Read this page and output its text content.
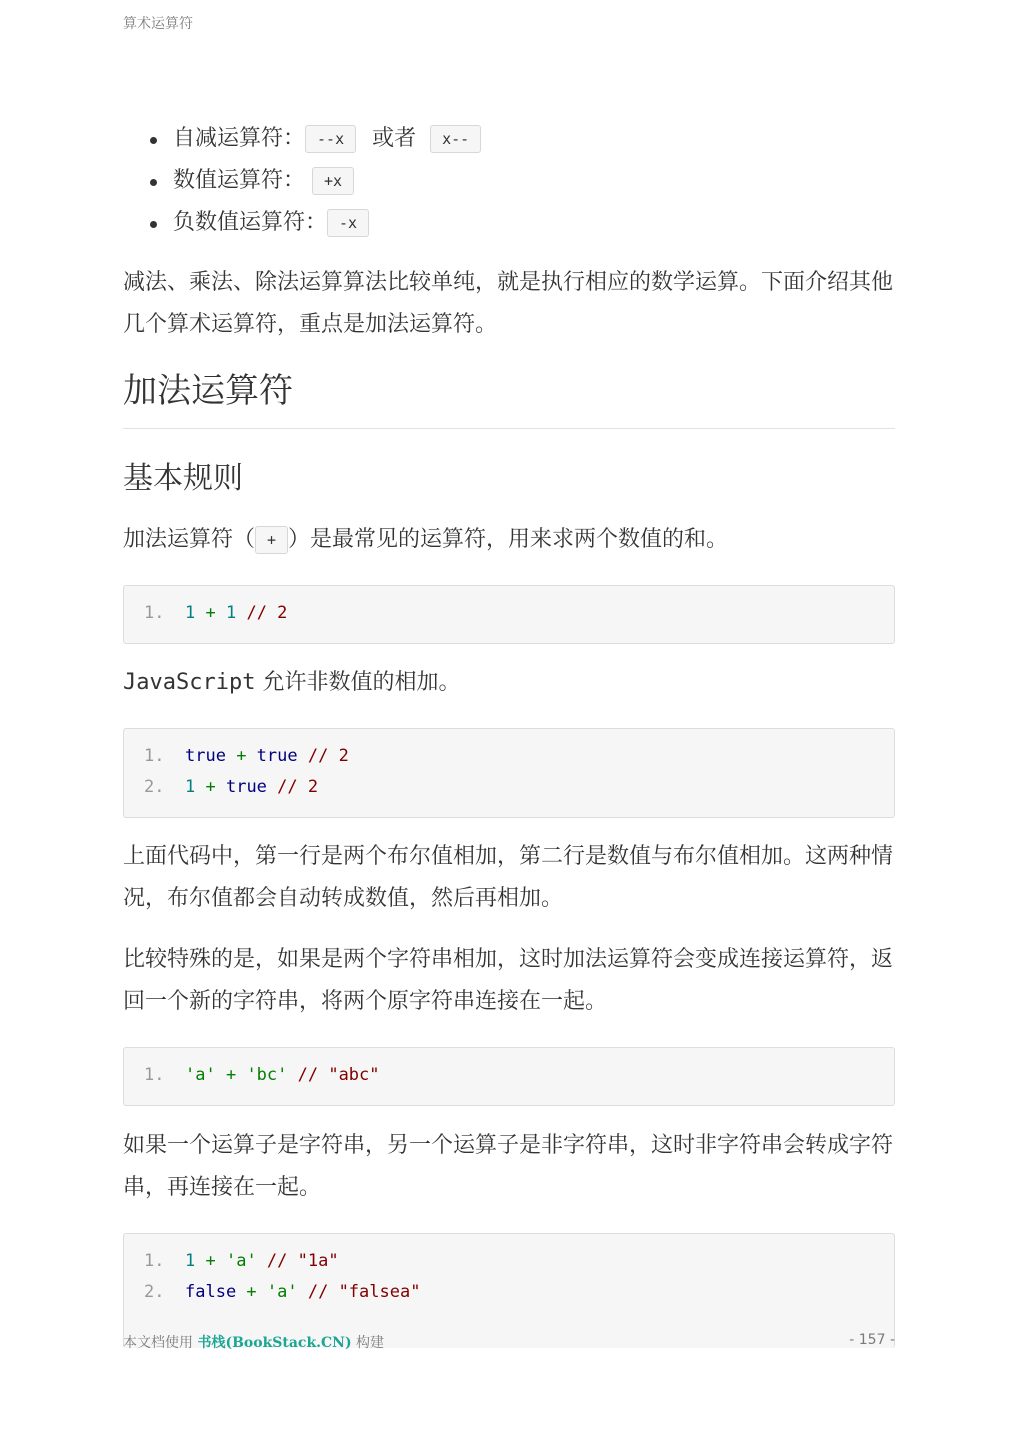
算术运算符
自减运算符： --x 或者 x--
数值运算符： +x
负数值运算符： -x

减法、乘法、除法运算算法比较单纯，就是执行相应的数学运算。下面介绍其他几个算术运算符，重点是加法运算符。

加法运算符
基本规则

加法运算符（ + ）是最常见的运算符，用来求两个数值的和。

1. 1 + 1 // 2

JavaScript 允许非数值的相加。

1. true + true // 2
2. 1 + true // 2

上面代码中，第一行是两个布尔值相加，第二行是数值与布尔值相加。这两种情况，布尔值都会自动转成数值，然后再相加。

比较特殊的是，如果是两个字符串相加，这时加法运算符会变成连接运算符，返回一个新的字符串，将两个原字符串连接在一起。

1. 'a' + 'bc' // "abc"

如果一个运算子是字符串，另一个运算子是非字符串，这时非字符串会转成字符串，再连接在一起。

1. 1 + 'a' // "1a"
2. false + 'a' // "falsea"
本文档使用 书栈(BookStack.CN) 构建	- 157 -
